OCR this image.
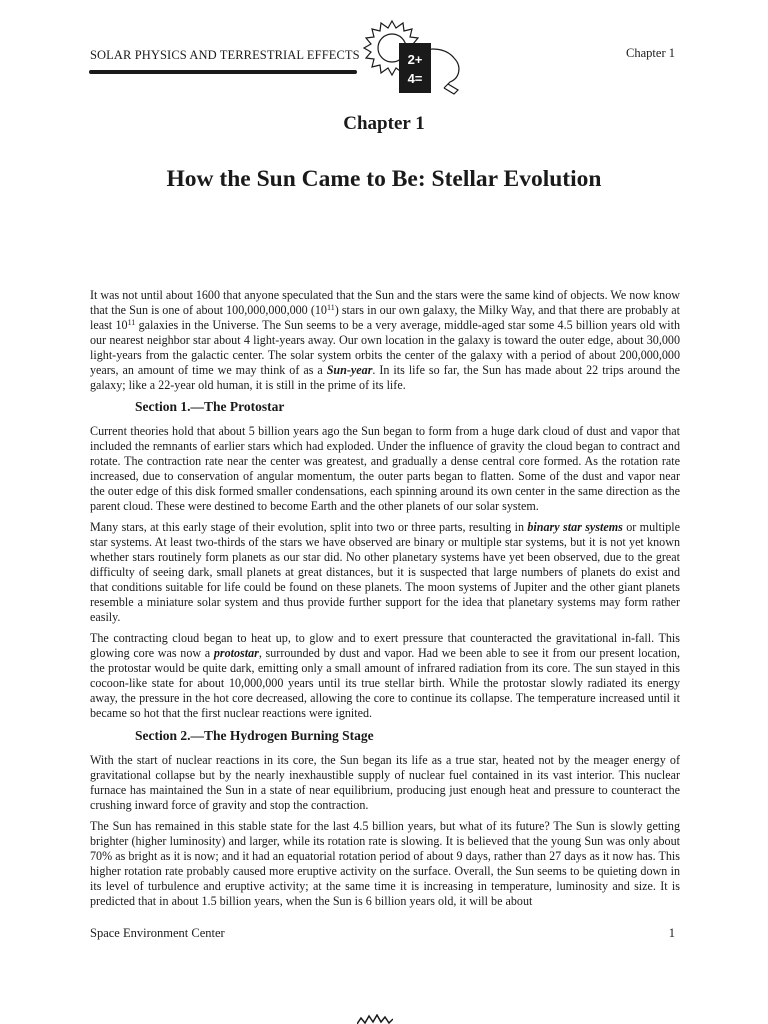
SOLAR PHYSICS AND TERRESTRIAL EFFECTS	Chapter 1
2+
4=
Chapter 1
How the Sun Came to Be: Stellar Evolution

It was not until about 1600 that anyone speculated that the Sun and the stars were the same kind of objects. We now know that the Sun is one of about 100,000,000,000 $(10^{11})$ stars in our own galaxy, the Milky Way, and that there are probably at least $10^{11}$ galaxies in the Universe. The Sun seems to be a very average, middle-aged star some 4.5 billion years old with our nearest neighbor star about 4 light-years away. Our own location in the galaxy is toward the outer edge, about 30,000 light-years from the galactic center. The solar system orbits the center of the galaxy with a period of about 200,000,000 years, an amount of time we may think of as a Sun-year. In its life so far, the Sun has made about 22 trips around the galaxy; like a 22-year old human, it is still in the prime of its life.

Section 1.—The Protostar

Current theories hold that about 5 billion years ago the Sun began to form from a huge dark cloud of dust and vapor that included the remnants of earlier stars which had exploded. Under the influence of gravity the cloud began to contract and rotate. The contraction rate near the center was greatest, and gradually a dense central core formed. As the rotation rate increased, due to conservation of angular momentum, the outer parts began to flatten. Some of the dust and vapor near the outer edge of this disk formed smaller condensations, each spinning around its own center in the same direction as the parent cloud. These were destined to become Earth and the other planets of our solar system.

Many stars, at this early stage of their evolution, split into two or three parts, resulting in binary star systems or multiple star systems. At least two-thirds of the stars we have observed are binary or multiple star systems, but it is not yet known whether stars routinely form planets as our star did. No other planetary systems have yet been observed, due to the great difficulty of seeing dark, small planets at great distances, but it is suspected that large numbers of planets do exist and that conditions suitable for life could be found on these planets. The moon systems of Jupiter and the other giant planets resemble a miniature solar system and thus provide further support for the idea that planetary systems may form rather easily.

The contracting cloud began to heat up, to glow and to exert pressure that counteracted the gravitational in-fall. This glowing core was now a protostar, surrounded by dust and vapor. Had we been able to see it from our present location, the protostar would be quite dark, emitting only a small amount of infrared radiation from its core. The sun stayed in this cocoon-like state for about 10,000,000 years until its true stellar birth. While the protostar slowly radiated its energy away, the pressure in the hot core decreased, allowing the core to continue its collapse. The temperature increased until it became so hot that the first nuclear reactions were ignited.

Section 2.—The Hydrogen Burning Stage

With the start of nuclear reactions in its core, the Sun began its life as a true star, heated not by the meager energy of gravitational collapse but by the nearly inexhaustible supply of nuclear fuel contained in its vast interior. This nuclear furnace has maintained the Sun in a state of near equilibrium, producing just enough heat and pressure to counteract the crushing inward force of gravity and stop the contraction.

The Sun has remained in this stable state for the last 4.5 billion years, but what of its future? The Sun is slowly getting brighter (higher luminosity) and larger, while its rotation rate is slowing. It is believed that the young Sun was only about 70% as bright as it is now; and it had an equatorial rotation period of about 9 days, rather than 27 days as it now has. This higher rotation rate probably caused more eruptive activity on the surface. Overall, the Sun seems to be quieting down in its level of turbulence and eruptive activity; at the same time it is increasing in temperature, luminosity and size. It is predicted that in about 1.5 billion years, when the Sun is 6 billion years old, it will be about

Space Environment Center	1
